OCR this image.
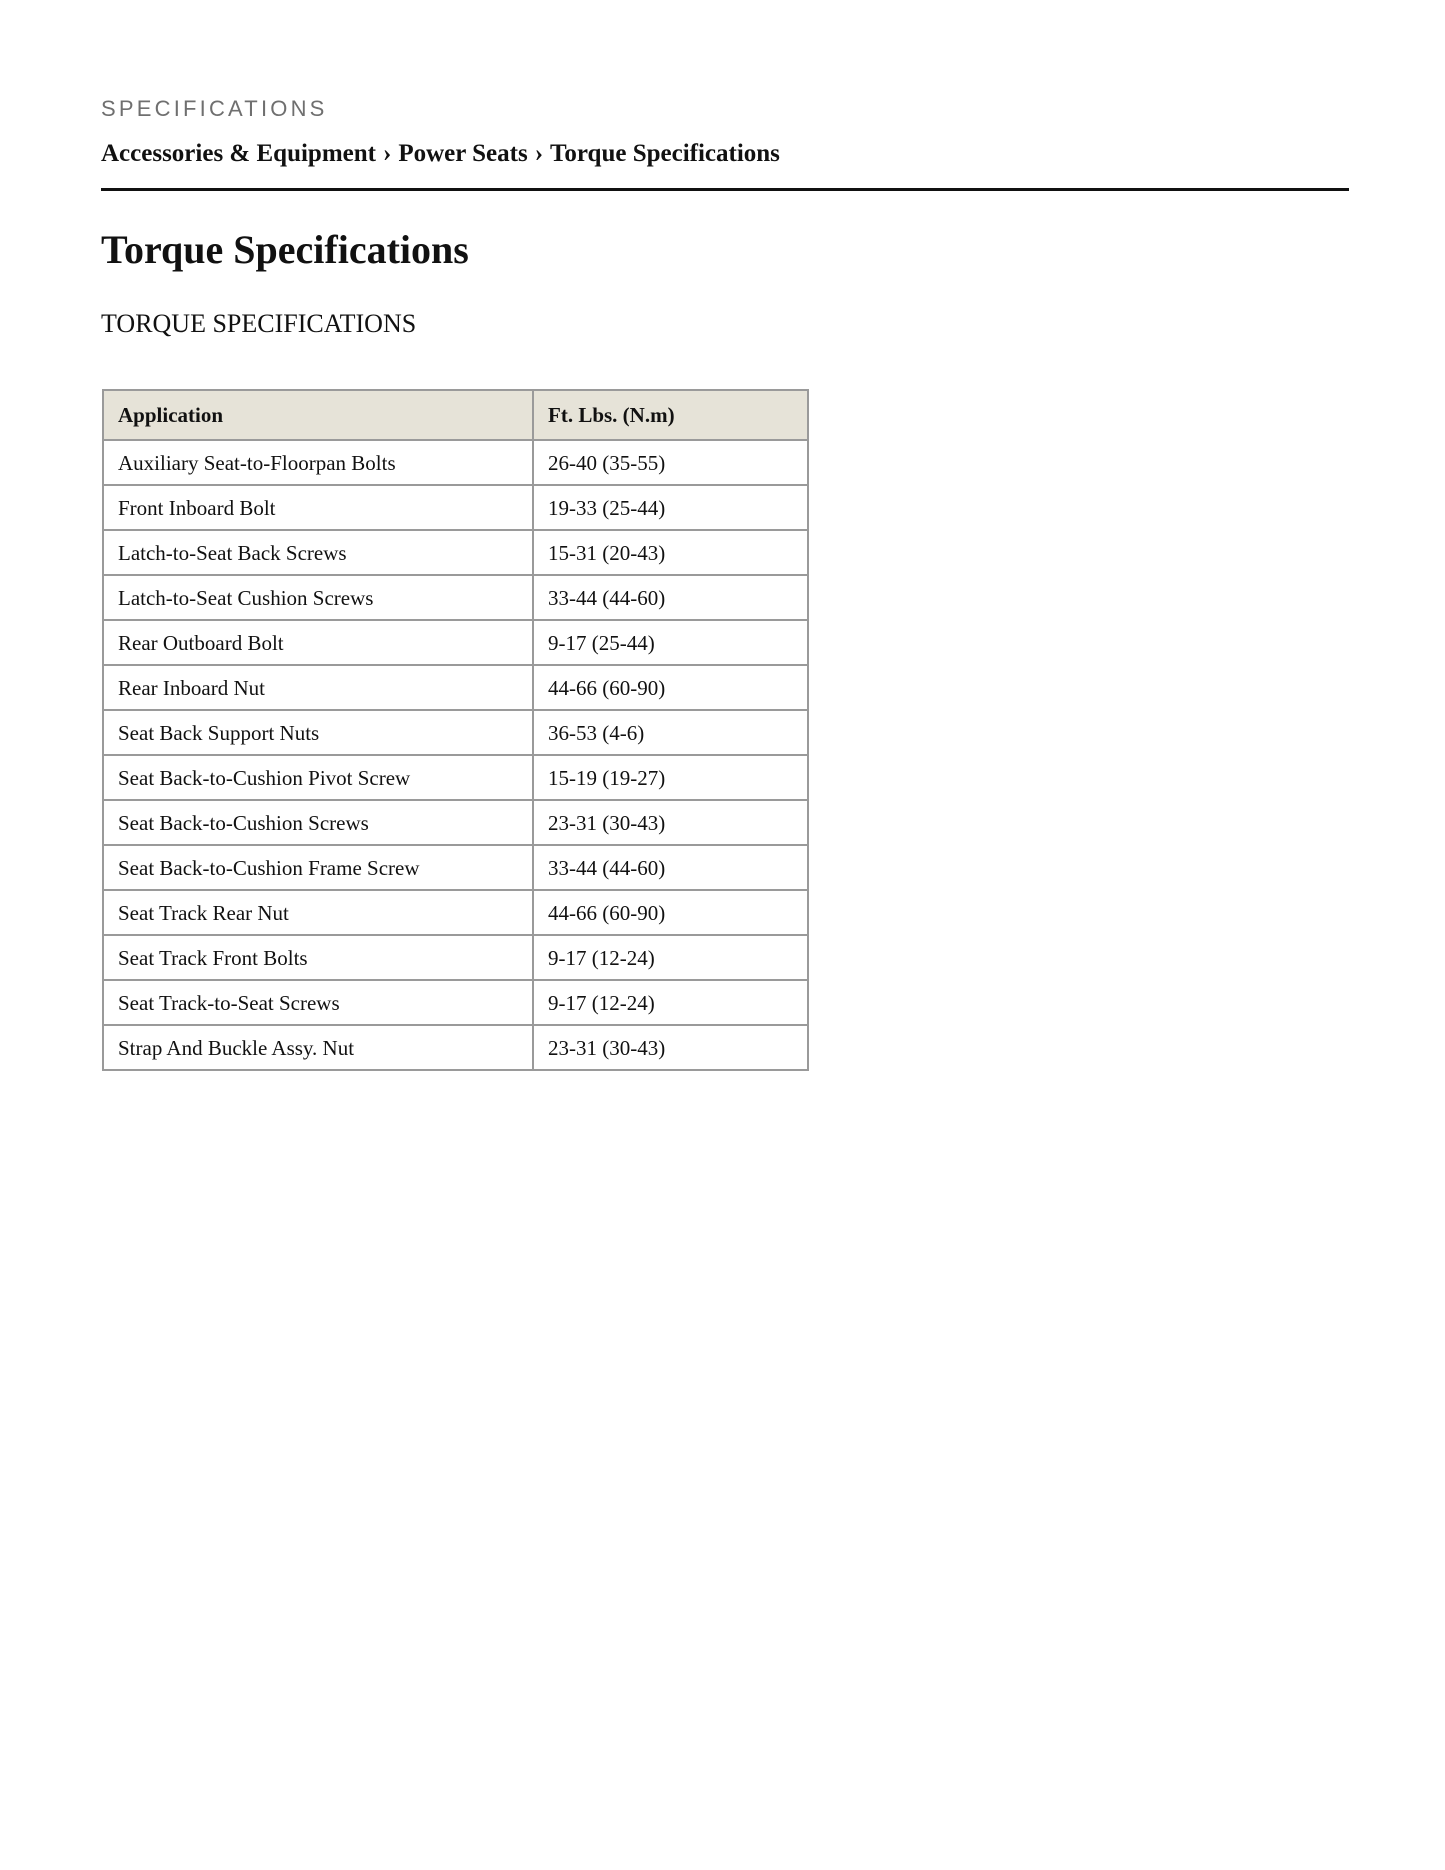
SPECIFICATIONS
Accessories & Equipment › Power Seats › Torque Specifications
Torque Specifications
TORQUE SPECIFICATIONS
Application	Ft. Lbs. (N.m)
Auxiliary Seat-to-Floorpan Bolts	26-40 (35-55)
Front Inboard Bolt	19-33 (25-44)
Latch-to-Seat Back Screws	15-31 (20-43)
Latch-to-Seat Cushion Screws	33-44 (44-60)
Rear Outboard Bolt	9-17 (25-44)
Rear Inboard Nut	44-66 (60-90)
Seat Back Support Nuts	36-53 (4-6)
Seat Back-to-Cushion Pivot Screw	15-19 (19-27)
Seat Back-to-Cushion Screws	23-31 (30-43)
Seat Back-to-Cushion Frame Screw	33-44 (44-60)
Seat Track Rear Nut	44-66 (60-90)
Seat Track Front Bolts	9-17 (12-24)
Seat Track-to-Seat Screws	9-17 (12-24)
Strap And Buckle Assy. Nut	23-31 (30-43)
